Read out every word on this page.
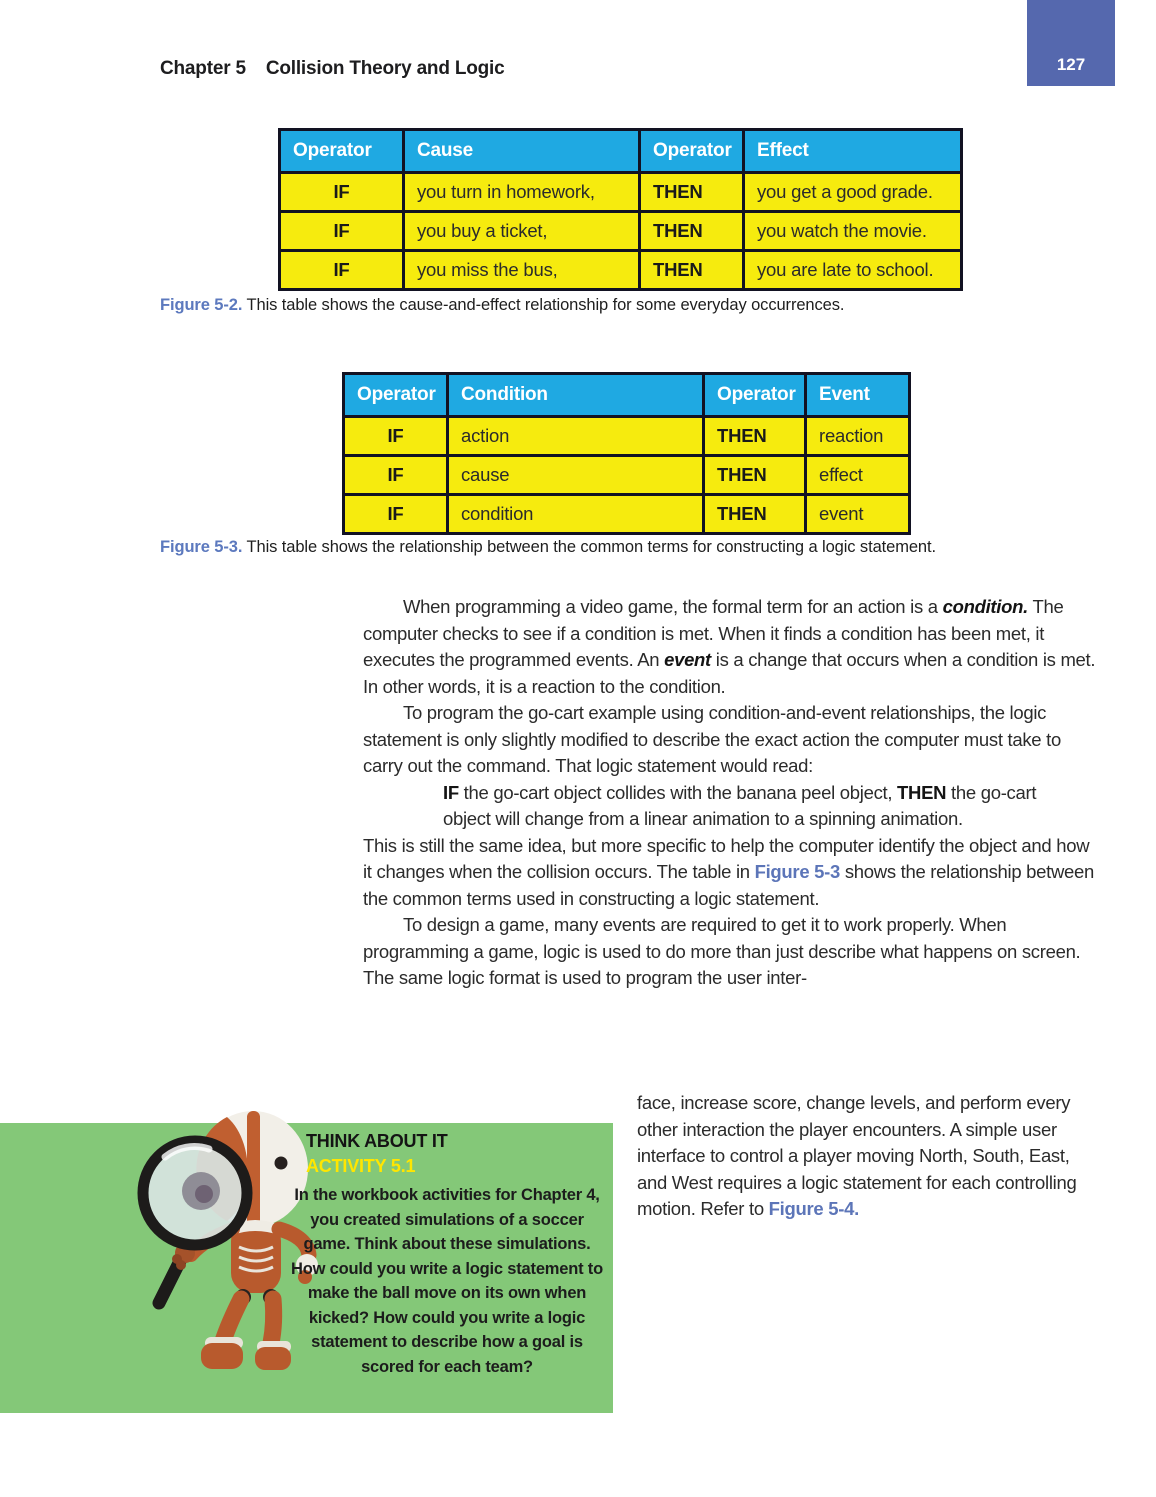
Chapter 5 Collision Theory and Logic	127
Operator	Cause	Operator	Effect
IF	you turn in homework,	THEN	you get a good grade.
IF	you buy a ticket,	THEN	you watch the movie.
IF	you miss the bus,	THEN	you are late to school.

Figure 5-2. This table shows the cause-and-effect relationship for some everyday occurrences.

Operator	Condition	Operator	Event
IF	action	THEN	reaction
IF	cause	THEN	effect
IF	condition	THEN	event

Figure 5-3. This table shows the relationship between the common terms for constructing a logic statement.

When programming a video game, the formal term for an action is a condition. The computer checks to see if a condition is met. When it finds a condition has been met, it executes the programmed events. An event is a change that occurs when a condition is met. In other words, it is a reaction to the condition.

To program the go-cart example using condition-and-event relationships, the logic statement is only slightly modified to describe the exact action the computer must take to carry out the command. That logic statement would read:

IF the go-cart object collides with the banana peel object, THEN the go-cart object will change from a linear animation to a spinning animation.

This is still the same idea, but more specific to help the computer identify the object and how it changes when the collision occurs. The table in Figure 5-3 shows the relationship between the common terms used in constructing a logic statement.

To design a game, many events are required to get it to work properly. When programming a game, logic is used to do more than just describe what happens on screen. The same logic format is used to program the user inter-

face, increase score, change levels, and perform every other interaction the player encounters. A simple user interface to control a player moving North, South, East, and West requires a logic statement for each controlling motion. Refer to Figure 5-4.

THINK ABOUT IT
ACTIVITY 5.1
In the workbook activities for Chapter 4, you created simulations of a soccer game. Think about these simulations. How could you write a logic statement to make the ball move on its own when kicked? How could you write a logic statement to describe how a goal is scored for each team?
